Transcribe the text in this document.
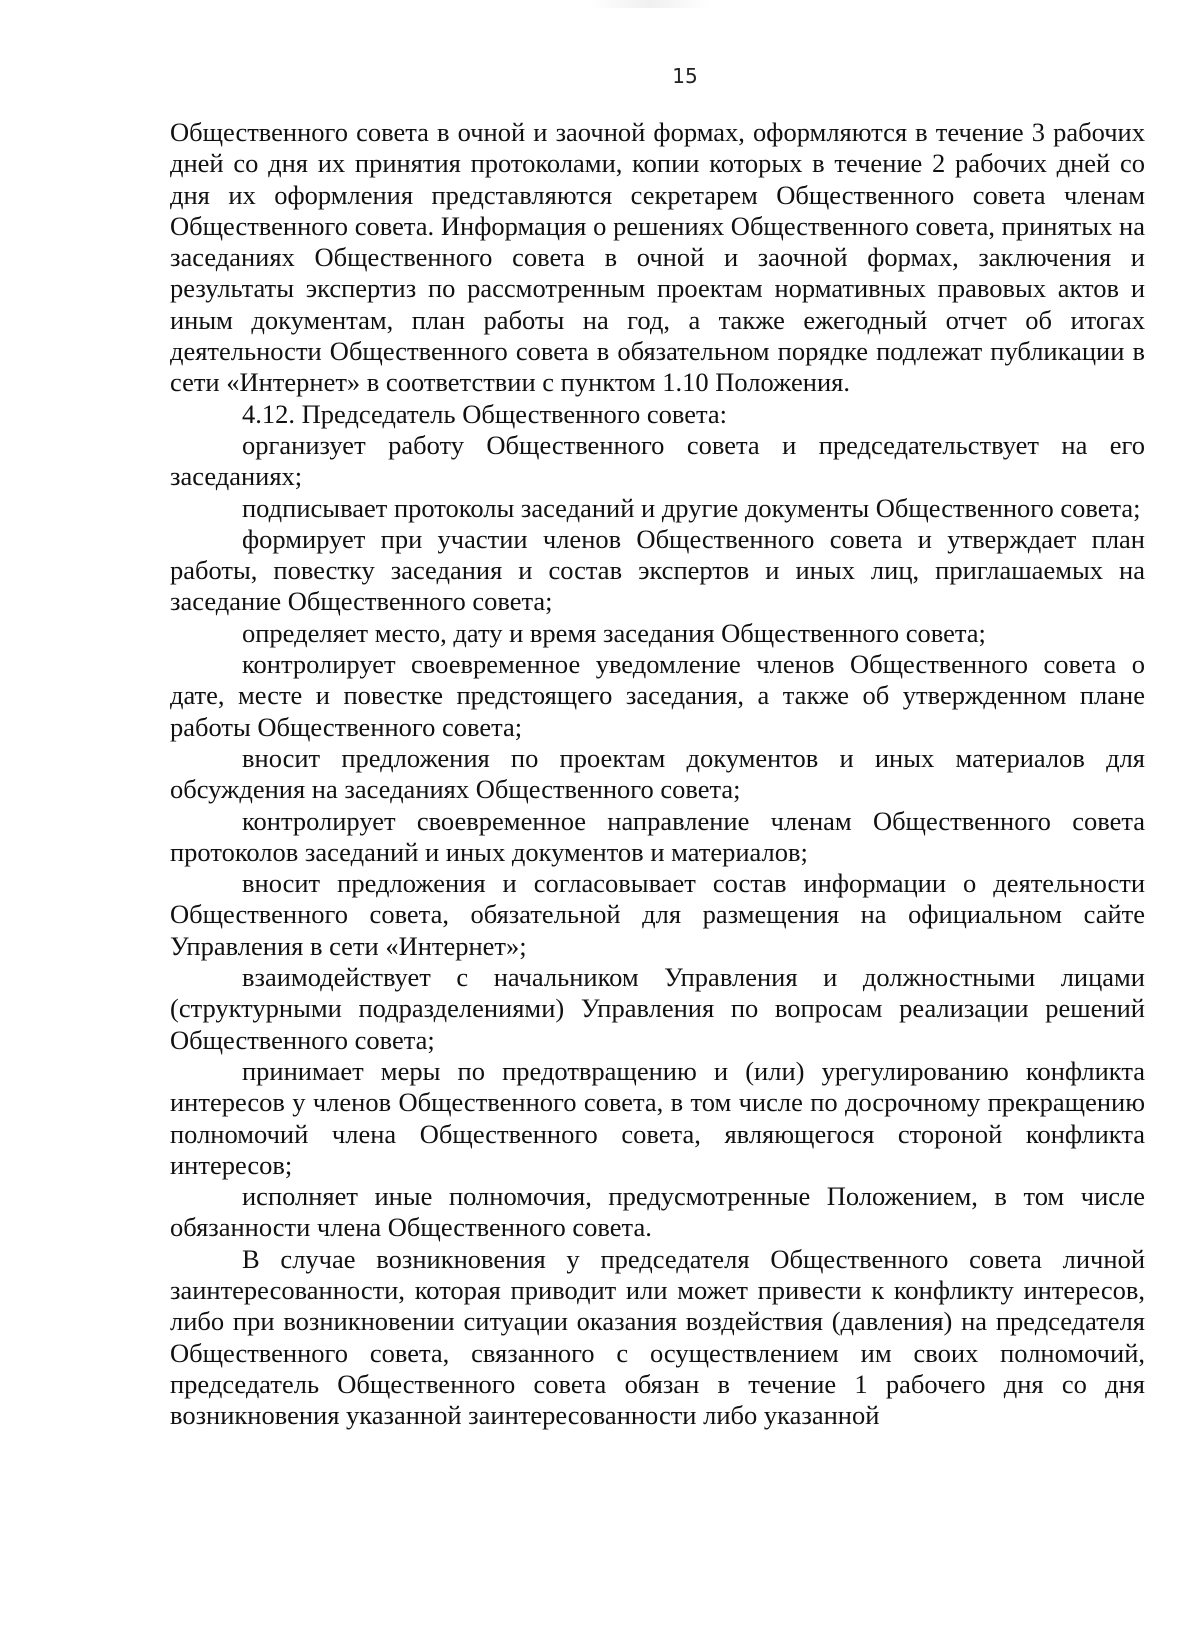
15

Общественного совета в очной и заочной формах, оформляются в течение 3 рабочих дней со дня их принятия протоколами, копии которых в течение 2 рабочих дней со дня их оформления представляются секретарем Общественного совета членам Общественного совета. Информация о решениях Общественного совета, принятых на заседаниях Общественного совета в очной и заочной формах, заключения и результаты экспертиз по рассмотренным проектам нормативных правовых актов и иным документам, план работы на год, а также ежегодный отчет об итогах деятельности Общественного совета в обязательном порядке подлежат публикации в сети «Интернет» в соответствии с пунктом 1.10 Положения.

4.12. Председатель Общественного совета:

организует работу Общественного совета и председательствует на его заседаниях;

подписывает протоколы заседаний и другие документы Общественного совета;

формирует при участии членов Общественного совета и утверждает план работы, повестку заседания и состав экспертов и иных лиц, приглашаемых на заседание Общественного совета;

определяет место, дату и время заседания Общественного совета;

контролирует своевременное уведомление членов Общественного совета о дате, месте и повестке предстоящего заседания, а также об утвержденном плане работы Общественного совета;

вносит предложения по проектам документов и иных материалов для обсуждения на заседаниях Общественного совета;

контролирует своевременное направление членам Общественного совета протоколов заседаний и иных документов и материалов;

вносит предложения и согласовывает состав информации о деятельности Общественного совета, обязательной для размещения на официальном сайте Управления в сети «Интернет»;

взаимодействует с начальником Управления и должностными лицами (структурными подразделениями) Управления по вопросам реализации решений Общественного совета;

принимает меры по предотвращению и (или) урегулированию конфликта интересов у членов Общественного совета, в том числе по досрочному прекращению полномочий члена Общественного совета, являющегося стороной конфликта интересов;

исполняет иные полномочия, предусмотренные Положением, в том числе обязанности члена Общественного совета.

В случае возникновения у председателя Общественного совета личной заинтересованности, которая приводит или может привести к конфликту интересов, либо при возникновении ситуации оказания воздействия (давления) на председателя Общественного совета, связанного с осуществлением им своих полномочий, председатель Общественного совета обязан в течение 1 рабочего дня со дня возникновения указанной заинтересованности либо указанной
